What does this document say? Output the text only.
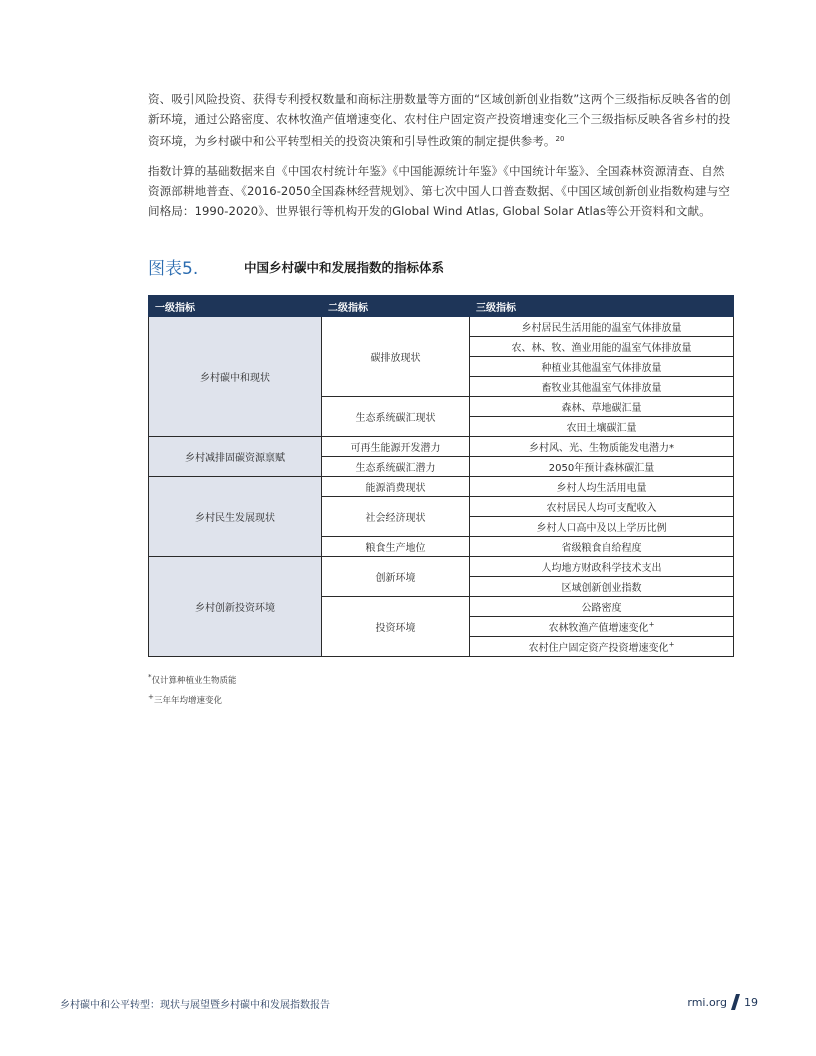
资、吸引风险投资、获得专利授权数量和商标注册数量等方面的“区域创新创业指数”这两个三级指标反映各省的创新环境，通过公路密度、农林牧渔产值增速变化、农村住户固定资产投资增速变化三个三级指标反映各省乡村的投资环境，为乡村碳中和公平转型相关的投资决策和引导性政策的制定提供参考。$^{20}$

指数计算的基础数据来自《中国农村统计年鉴》《中国能源统计年鉴》《中国统计年鉴》、全国森林资源清查、自然资源部耕地普查、《2016-2050全国森林经营规划》、第七次中国人口普查数据、《中国区域创新创业指数构建与空间格局：1990-2020》、世界银行等机构开发的Global Wind Atlas, Global Solar Atlas等公开资料和文献。

图表5.	中国乡村碳中和发展指数的指标体系
一级指标	二级指标	三级指标
乡村碳中和现状	碳排放现状	乡村居民生活用能的温室气体排放量
		农、林、牧、渔业用能的温室气体排放量
		种植业其他温室气体排放量
		畜牧业其他温室气体排放量
	生态系统碳汇现状	森林、草地碳汇量
		农田土壤碳汇量
乡村减排固碳资源禀赋	可再生能源开发潜力	乡村风、光、生物质能发电潜力*
	生态系统碳汇潜力	2050年预计森林碳汇量
乡村民生发展现状	能源消费现状	乡村人均生活用电量
	社会经济现状	农村居民人均可支配收入
		乡村人口高中及以上学历比例
	粮食生产地位	省级粮食自给程度
乡村创新投资环境	创新环境	人均地方财政科学技术支出
		区域创新创业指数
	投资环境	公路密度
		农林牧渔产值增速变化+
		农村住户固定资产投资增速变化+
*仅计算种植业生物质能
+三年年均增速变化
乡村碳中和公平转型：现状与展望暨乡村碳中和发展指数报告	rmi.org 19
